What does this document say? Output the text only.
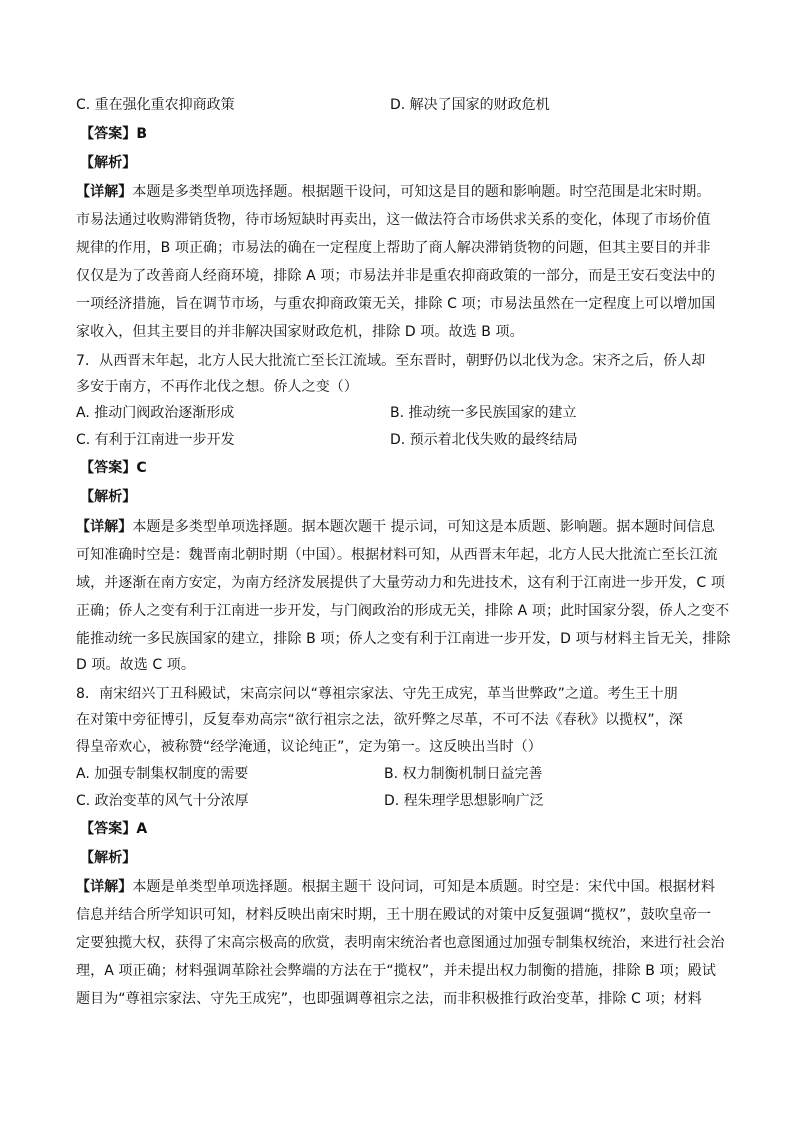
C. 重在强化重农抑商政策	D. 解决了国家的财政危机
【答案】B
【解析】
【详解】本题是多类型单项选择题。根据题干设问，可知这是目的题和影响题。时空范围是北宋时期。
市易法通过收购滞销货物，待市场短缺时再卖出，这一做法符合市场供求关系的变化，体现了市场价值
规律的作用，B 项正确；市易法的确在一定程度上帮助了商人解决滞销货物的问题，但其主要目的并非
仅仅是为了改善商人经商环境，排除 A 项；市易法并非是重农抑商政策的一部分，而是王安石变法中的
一项经济措施，旨在调节市场，与重农抑商政策无关，排除 C 项；市易法虽然在一定程度上可以增加国
家收入，但其主要目的并非解决国家财政危机，排除 D 项。故选 B 项。
7．从西晋末年起，北方人民大批流亡至长江流域。至东晋时，朝野仍以北伐为念。宋齐之后，侨人却
多安于南方，不再作北伐之想。侨人之变（）
A. 推动门阀政治逐渐形成	B. 推动统一多民族国家的建立
C. 有利于江南进一步开发	D. 预示着北伐失败的最终结局
【答案】C
【解析】
【详解】本题是多类型单项选择题。据本题次题干 提示词，可知这是本质题、影响题。据本题时间信息
可知准确时空是：魏晋南北朝时期（中国）。根据材料可知，从西晋末年起，北方人民大批流亡至长江流
域，并逐渐在南方安定，为南方经济发展提供了大量劳动力和先进技术，这有利于江南进一步开发，C 项
正确；侨人之变有利于江南进一步开发，与门阀政治的形成无关，排除 A 项；此时国家分裂，侨人之变不
能推动统一多民族国家的建立，排除 B 项；侨人之变有利于江南进一步开发，D 项与材料主旨无关，排除
D 项。故选 C 项。
8．南宋绍兴丁丑科殿试，宋高宗问以“尊祖宗家法、守先王成宪，革当世弊政”之道。考生王十朋
在对策中旁征博引，反复奉劝高宗“欲行祖宗之法，欲歼弊之尽革，不可不法《春秋》以揽权”，深
得皇帝欢心，被称赞“经学淹通，议论纯正”，定为第一。这反映出当时（）
A. 加强专制集权制度的需要	B. 权力制衡机制日益完善
C. 政治变革的风气十分浓厚	D. 程朱理学思想影响广泛
【答案】A
【解析】
【详解】本题是单类型单项选择题。根据主题干 设问词，可知是本质题。时空是：宋代中国。根据材料
信息并结合所学知识可知，材料反映出南宋时期，王十朋在殿试的对策中反复强调“揽权”，鼓吹皇帝一
定要独揽大权，获得了宋高宗极高的欣赏，表明南宋统治者也意图通过加强专制集权统治，来进行社会治
理，A 项正确；材料强调革除社会弊端的方法在于“揽权”，并未提出权力制衡的措施，排除 B 项；殿试
题目为“尊祖宗家法、守先王成宪”，也即强调尊祖宗之法，而非积极推行政治变革，排除 C 项；材料
